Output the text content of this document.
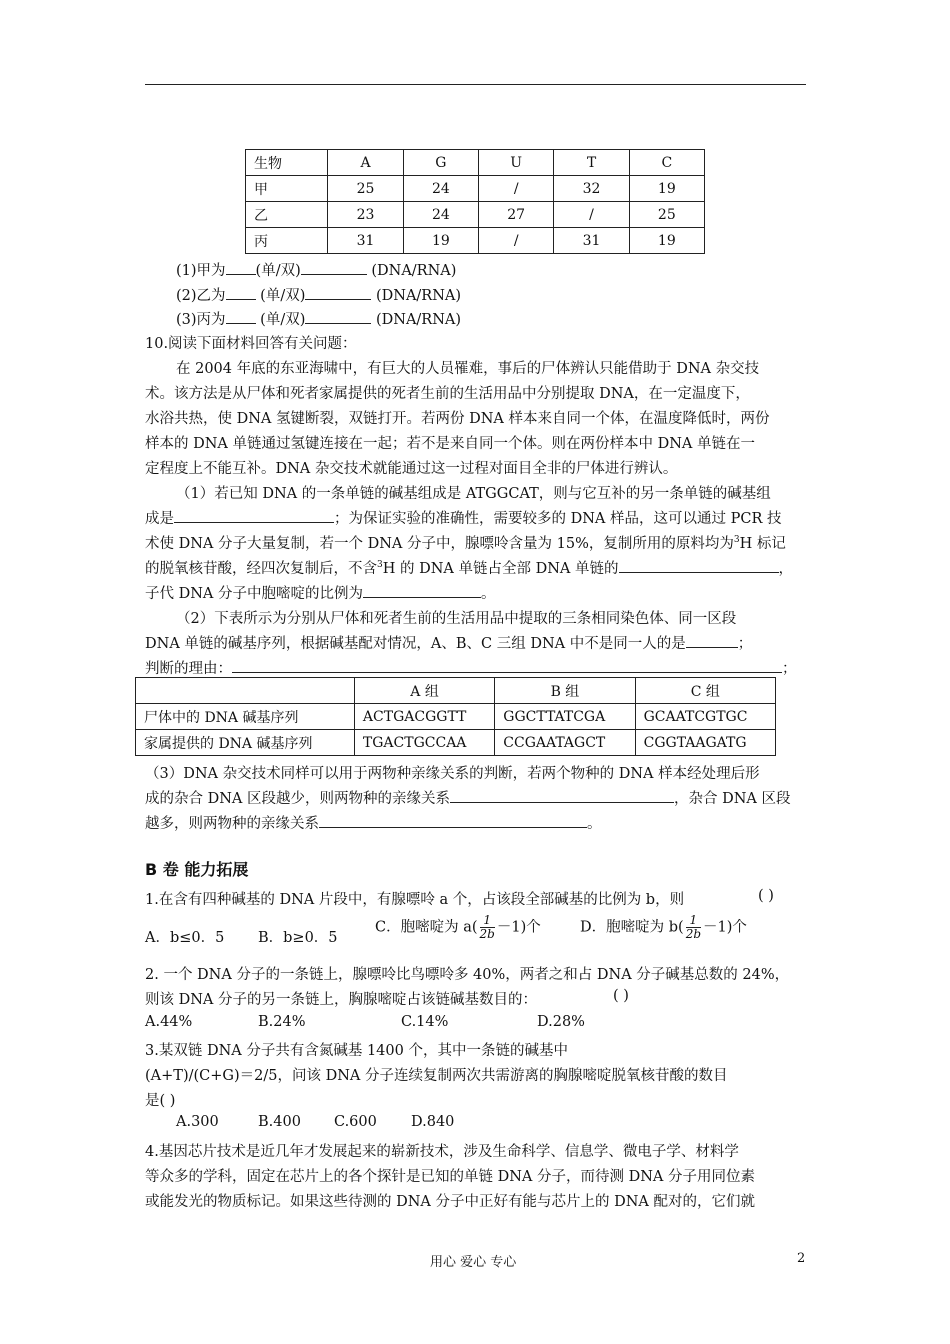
生物	A	G	U	T	C
甲	25	24	/	32	19
乙	23	24	27	/	25
丙	31	19	/	31	19
(1)甲为 (单/双)	(DNA/RNA)
(2)乙为 (单/双)	(DNA/RNA)
(3)丙为 (单/双)	(DNA/RNA)
10.阅读下面材料回答有关问题：
在 2004 年底的东亚海啸中，有巨大的人员罹难，事后的尸体辨认只能借助于 DNA 杂交技
术。该方法是从尸体和死者家属提供的死者生前的生活用品中分别提取 DNA，在一定温度下，
水浴共热，使 DNA 氢键断裂，双链打开。若两份 DNA 样本来自同一个体，在温度降低时，两份
样本的 DNA 单链通过氢键连接在一起；若不是来自同一个体。则在两份样本中 DNA 单链在一
定程度上不能互补。DNA 杂交技术就能通过这一过程对面目全非的尸体进行辨认。
（1）若已知 DNA 的一条单链的碱基组成是 ATGGCAT，则与它互补的另一条单链的碱基组
成是	；为保证实验的准确性，需要较多的 DNA 样品，这可以通过 PCR 技
术使 DNA 分子大量复制，若一个 DNA 分子中，腺嘌呤含量为 15%，复制所用的原料均为$^3$H 标记
的脱氧核苷酸，经四次复制后，不含$^3$H 的 DNA 单链占全部 DNA 单链的	，
子代 DNA 分子中胞嘧啶的比例为	。
（2）下表所示为分别从尸体和死者生前的生活用品中提取的三条相同染色体、同一区段
DNA 单链的碱基序列，根据碱基配对情况，A、B、C 三组 DNA 中不是同一人的是	；
判断的理由：	；
	A 组	B 组	C 组
尸体中的 DNA 碱基序列	ACTGACGGTT	GGCTTATCGA	GCAATCGTGC
家属提供的 DNA 碱基序列	TGACTGCCAA	CCGAATAGCT	CGGTAAGATG
（3）DNA 杂交技术同样可以用于两物种亲缘关系的判断，若两个物种的 DNA 样本经处理后形
成的杂合 DNA 区段越少，则两物种的亲缘关系	，杂合 DNA 区段
越多，则两物种的亲缘关系	。
B 卷 能力拓展
1.在含有四种碱基的 DNA 片段中，有腺嘌呤 a 个，占该段全部碱基的比例为 b，则	( )
A．b≤0．5 B．b≥0．5
C．胞嘧啶为 $a( \frac{1}{2b} -1)$个	D．胞嘧啶为 $b( \frac{1}{2b} -1)$个
2. 一个 DNA 分子的一条链上，腺嘌呤比鸟嘌呤多 40%，两者之和占 DNA 分子碱基总数的 24%，
则该 DNA 分子的另一条链上，胸腺嘧啶占该链碱基数目的：	( )
A.44%	B.24%	C.14%	D.28%
3.某双链 DNA 分子共有含氮碱基 1400 个，其中一条链的碱基中
(A+T)/(C+G)＝2/5，问该 DNA 分子连续复制两次共需游离的胸腺嘧啶脱氧核苷酸的数目
是( )
A.300	B.400 C.600 D.840
4.基因芯片技术是近几年才发展起来的崭新技术，涉及生命科学、信息学、微电子学、材料学
等众多的学科，固定在芯片上的各个探针是已知的单链 DNA 分子，而待测 DNA 分子用同位素
或能发光的物质标记。如果这些待测的 DNA 分子中正好有能与芯片上的 DNA 配对的，它们就
用心 爱心 专心	2
